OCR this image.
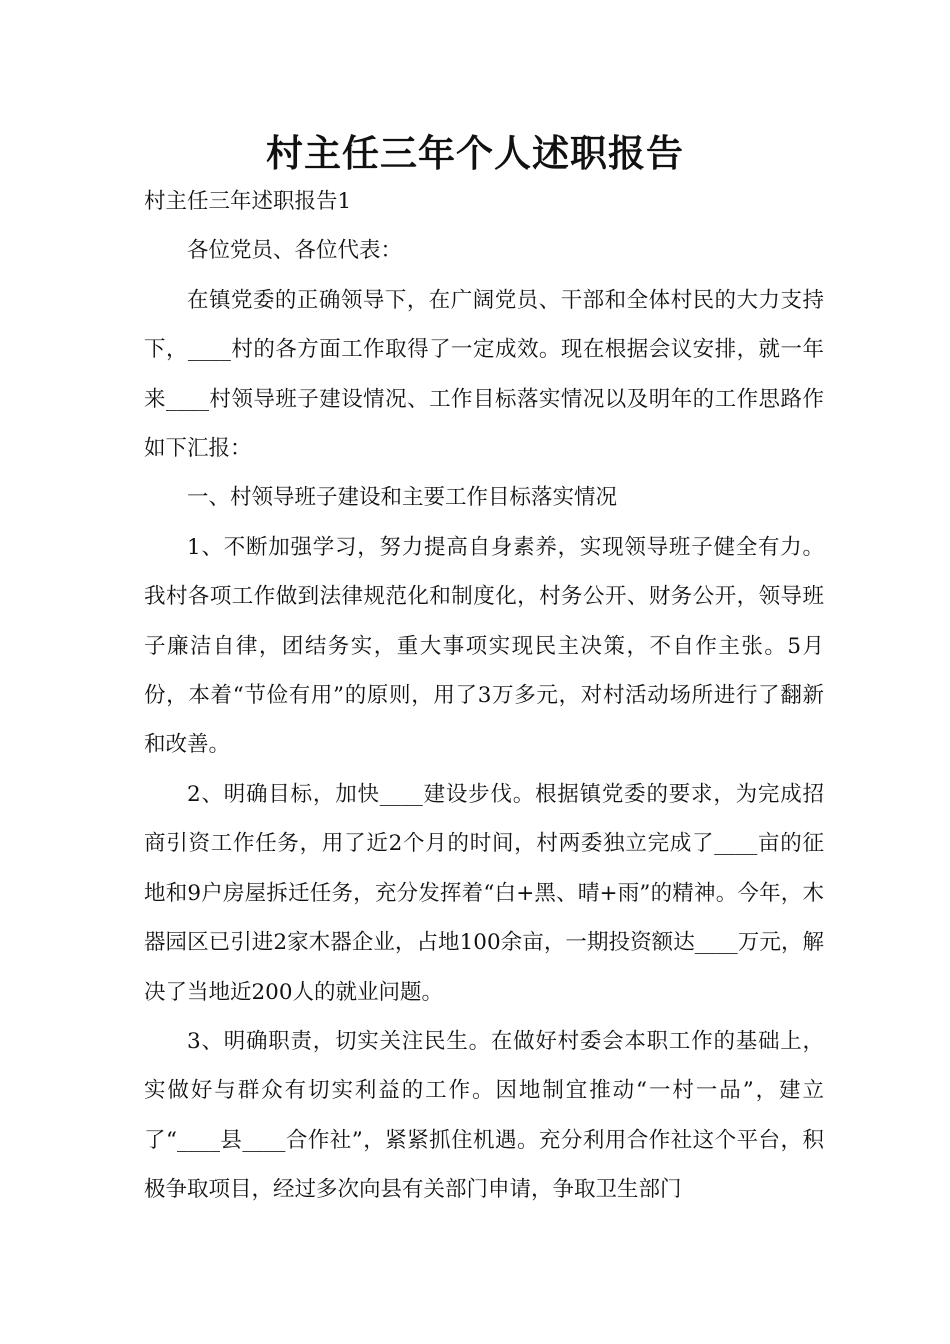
村主任三年个人述职报告

村主任三年述职报告1

各位党员、各位代表：

在镇党委的正确领导下，在广阔党员、干部和全体村民的大力支持下，____村的各方面工作取得了一定成效。现在根据会议安排，就一年来____村领导班子建设情况、工作目标落实情况以及明年的工作思路作如下汇报：

一、村领导班子建设和主要工作目标落实情况

1、不断加强学习，努力提高自身素养，实现领导班子健全有力。我村各项工作做到法律规范化和制度化，村务公开、财务公开，领导班子廉洁自律，团结务实，重大事项实现民主决策，不自作主张。5月份，本着“节俭有用”的原则，用了3万多元，对村活动场所进行了翻新和改善。

2、明确目标，加快____建设步伐。根据镇党委的要求，为完成招商引资工作任务，用了近2个月的时间，村两委独立完成了____亩的征地和9户房屋拆迁任务，充分发挥着“白+黑、晴+雨”的精神。今年，木器园区已引进2家木器企业，占地100余亩，一期投资额达____万元，解决了当地近200人的就业问题。

3、明确职责，切实关注民生。在做好村委会本职工作的基础上，实做好与群众有切实利益的工作。因地制宜推动“一村一品”，建立了“____县____合作社”，紧紧抓住机遇。充分利用合作社这个平台，积极争取项目，经过多次向县有关部门申请，争取卫生部门
